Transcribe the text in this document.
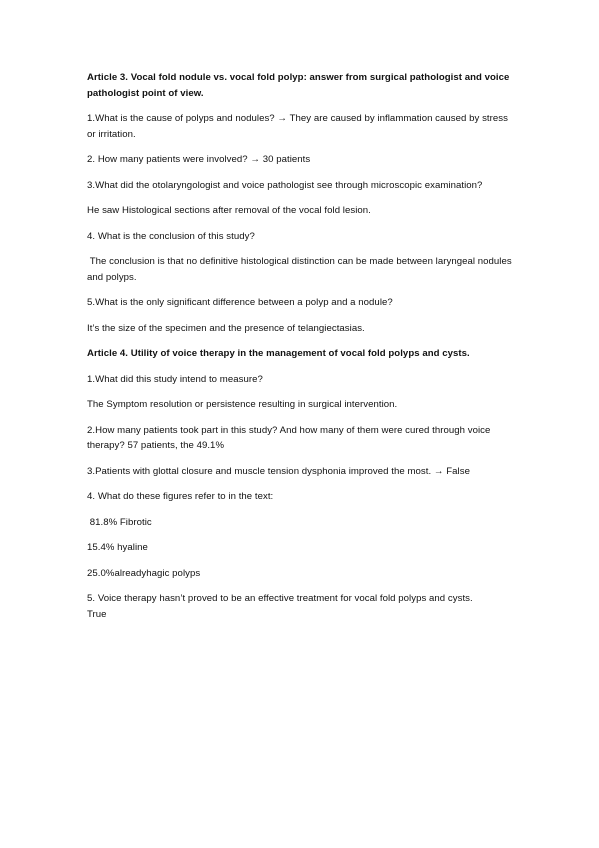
Article 3. Vocal fold nodule vs. vocal fold polyp: answer from surgical pathologist and voice pathologist point of view.

1.What is the cause of polyps and nodules? → They are caused by inflammation caused by stress or irritation.

2. How many patients were involved? → 30 patients

3.What did the otolaryngologist and voice pathologist see through microscopic examination?

He saw Histological sections after removal of the vocal fold lesion.

4. What is the conclusion of this study?

The conclusion is that no definitive histological distinction can be made between laryngeal nodules and polyps.

5.What is the only significant difference between a polyp and a nodule?

It’s the size of the specimen and the presence of telangiectasias.

Article 4. Utility of voice therapy in the management of vocal fold polyps and cysts.

1.What did this study intend to measure?

The Symptom resolution or persistence resulting in surgical intervention.

2.How many patients took part in this study? And how many of them were cured through voice therapy? 57 patients, the 49.1%

3.Patients with glottal closure and muscle tension dysphonia improved the most. → False

4. What do these figures refer to in the text:

81.8% Fibrotic

15.4% hyaline

25.0%alreadyhagic polyps

5. Voice therapy hasn’t proved to be an effective treatment for vocal fold polyps and cysts.

True
